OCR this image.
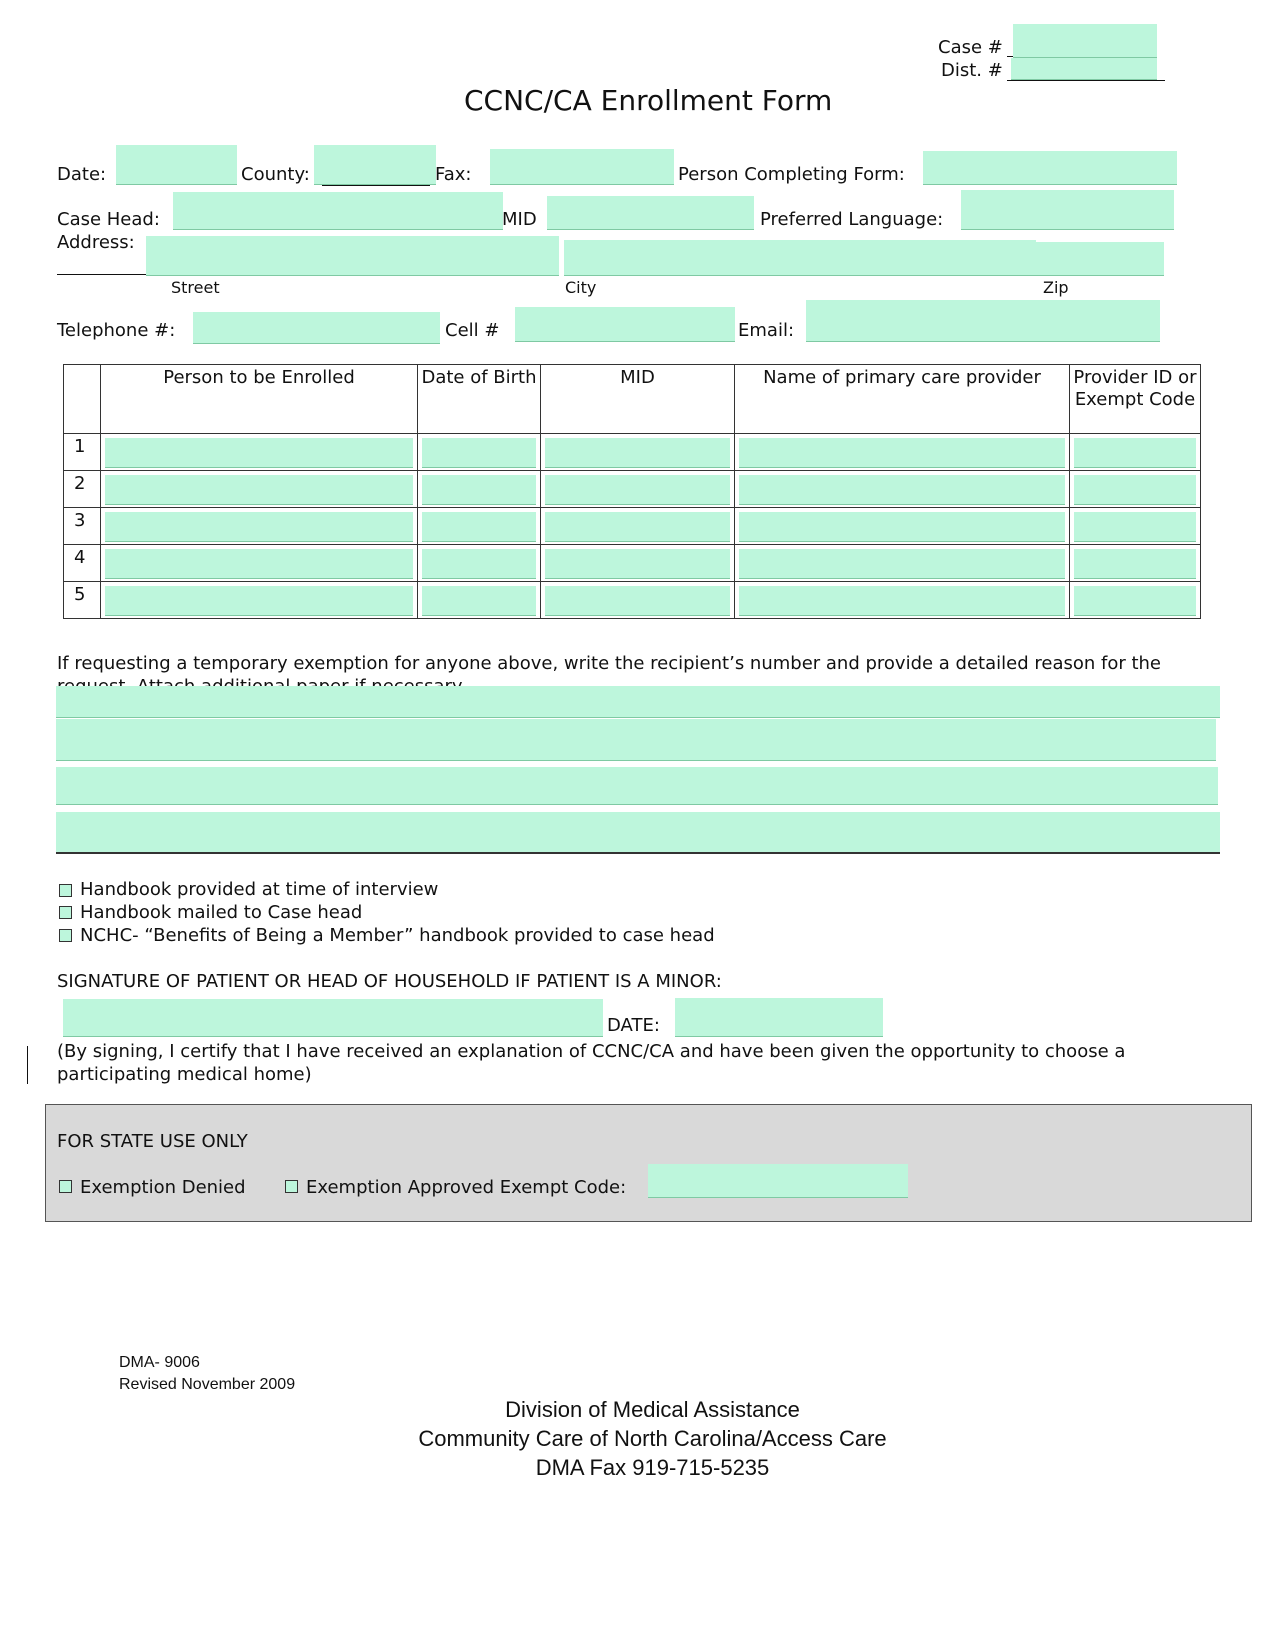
Case #
Dist. #
CCNC/CA Enrollment Form
Date:	County:	Fax:	Person Completing Form:
Case Head:	MID	Preferred Language:
Address:
Street	City	Zip
Telephone #:	Cell #	Email:
	Person to be Enrolled	Date of Birth	MID	Name of primary care provider	Provider ID or Exempt Code
1	

2	

3	

4	

5	

If requesting a temporary exemption for anyone above, write the recipient’s number and provide a detailed reason for the
Handbook provided at time of interview
Handbook mailed to Case head
NCHC- “Benefits of Being a Member” handbook provided to case head
SIGNATURE OF PATIENT OR HEAD OF HOUSEHOLD IF PATIENT IS A MINOR:
DATE:
(By signing, I certify that I have received an explanation of CCNC/CA and have been given the opportunity to choose a participating medical home)
FOR STATE USE ONLY
Exemption Denied	Exemption Approved Exempt Code:
DMA- 9006
Revised November 2009
Division of Medical Assistance
Community Care of North Carolina/Access Care
DMA Fax 919-715-5235
